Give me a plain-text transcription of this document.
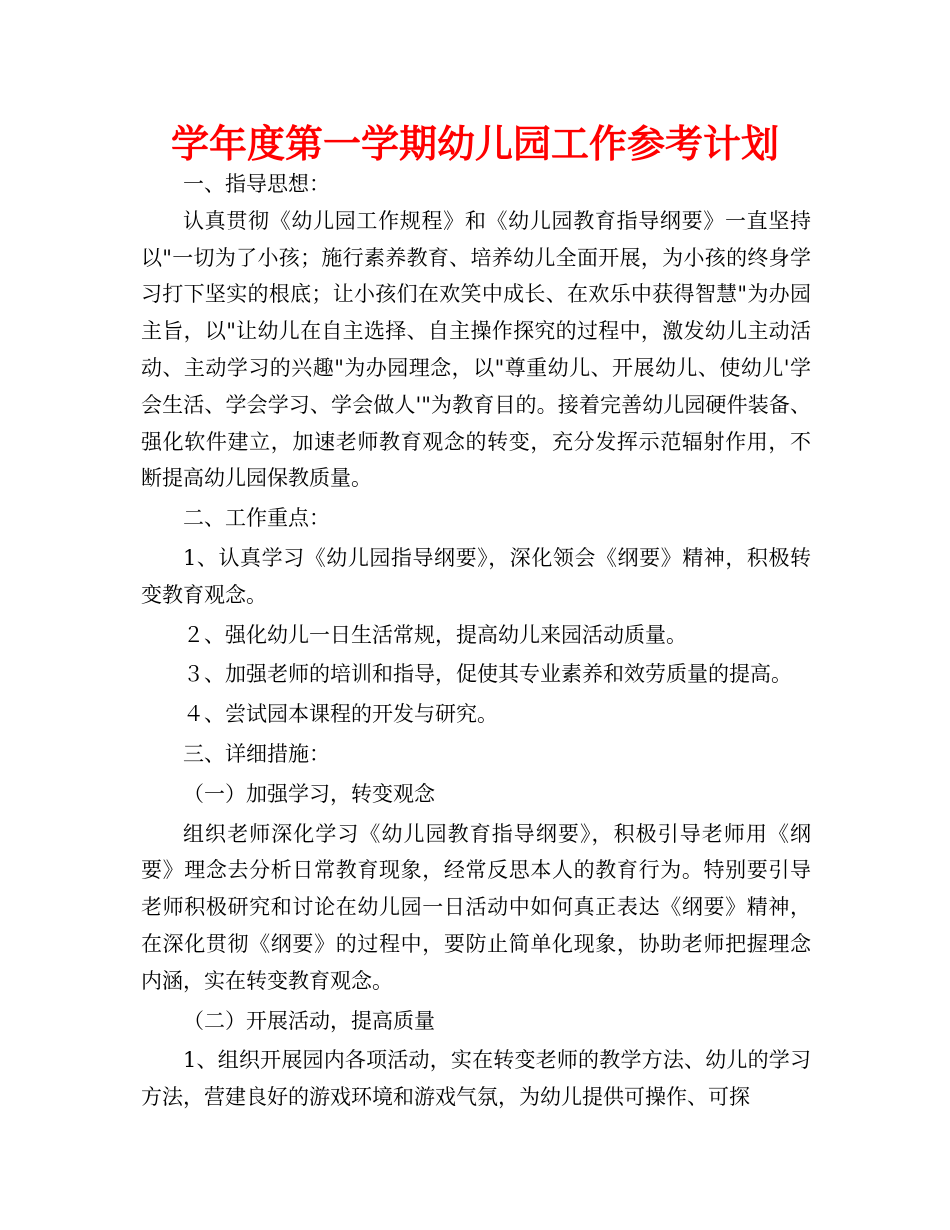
学年度第一学期幼儿园工作参考计划

一、指导思想：

认真贯彻《幼儿园工作规程》和《幼儿园教育指导纲要》一直坚持以"一切为了小孩；施行素养教育、培养幼儿全面开展，为小孩的终身学习打下坚实的根底；让小孩们在欢笑中成长、在欢乐中获得智慧"为办园主旨，以"让幼儿在自主选择、自主操作探究的过程中，激发幼儿主动活动、主动学习的兴趣"为办园理念，以"尊重幼儿、开展幼儿、使幼儿'学会生活、学会学习、学会做人'"为教育目的。接着完善幼儿园硬件装备、强化软件建立，加速老师教育观念的转变，充分发挥示范辐射作用，不断提高幼儿园保教质量。

二、工作重点：

1、认真学习《幼儿园指导纲要》，深化领会《纲要》精神，积极转变教育观念。

２、强化幼儿一日生活常规，提高幼儿来园活动质量。

３、加强老师的培训和指导，促使其专业素养和效劳质量的提高。

４、尝试园本课程的开发与研究。

三、详细措施：

（一）加强学习，转变观念

组织老师深化学习《幼儿园教育指导纲要》，积极引导老师用《纲要》理念去分析日常教育现象，经常反思本人的教育行为。特别要引导老师积极研究和讨论在幼儿园一日活动中如何真正表达《纲要》精神，在深化贯彻《纲要》的过程中，要防止简单化现象，协助老师把握理念内涵，实在转变教育观念。

（二）开展活动，提高质量

1、组织开展园内各项活动，实在转变老师的教学方法、幼儿的学习方法，营建良好的游戏环境和游戏气氛，为幼儿提供可操作、可探
